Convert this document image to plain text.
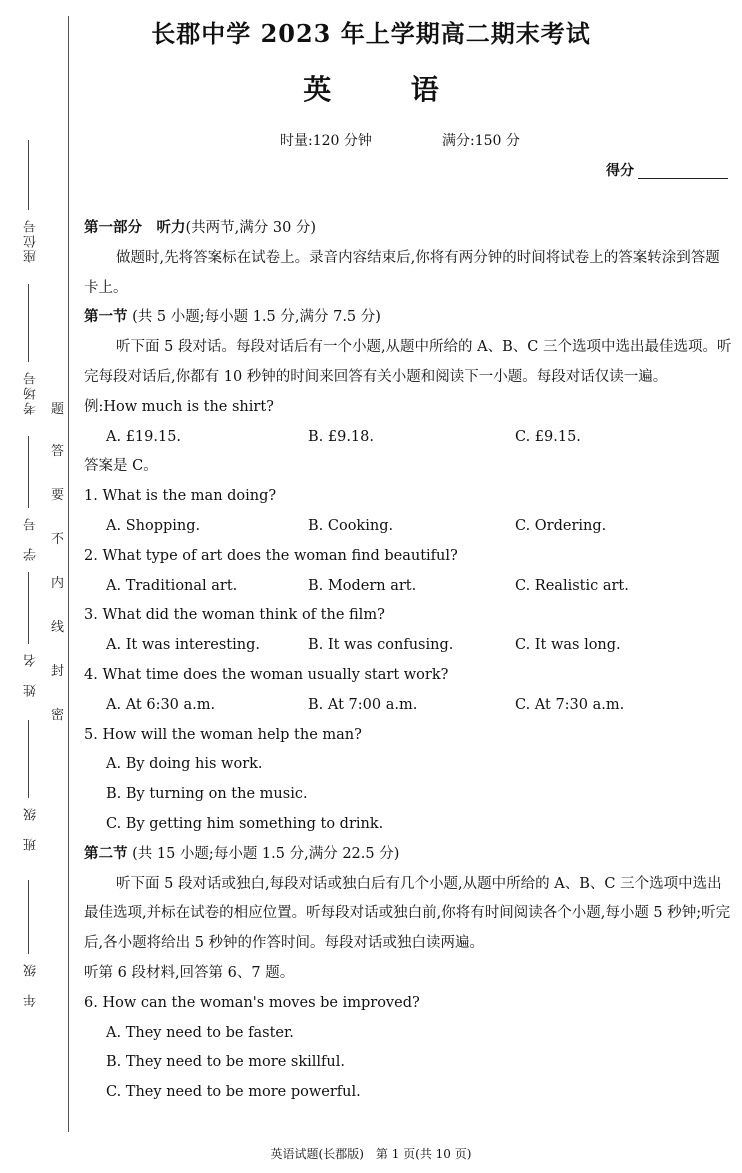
座位号
考场号
学　号
姓　名
班　级
年　级
题
答
要
不
内
线
封
密
长郡中学 2023 年上学期高二期末考试
英	语
时量:120 分钟	满分:150 分
得分
第一部分　听力(共两节,满分 30 分)
做题时,先将答案标在试卷上。录音内容结束后,你将有两分钟的时间将试卷上的答案转涂到答题卡上。
第一节 (共 5 小题;每小题 1.5 分,满分 7.5 分)
听下面 5 段对话。每段对话后有一个小题,从题中所给的 A、B、C 三个选项中选出最佳选项。听完每段对话后,你都有 10 秒钟的时间来回答有关小题和阅读下一小题。每段对话仅读一遍。
例:How much is the shirt?
A. £19.15.	B. £9.18.	C. £9.15.
答案是 C。
1. What is the man doing?
A. Shopping.	B. Cooking.	C. Ordering.
2. What type of art does the woman find beautiful?
A. Traditional art.	B. Modern art.	C. Realistic art.
3. What did the woman think of the film?
A. It was interesting.	B. It was confusing.	C. It was long.
4. What time does the woman usually start work?
A. At 6:30 a.m.	B. At 7:00 a.m.	C. At 7:30 a.m.
5. How will the woman help the man?
A. By doing his work.
B. By turning on the music.
C. By getting him something to drink.
第二节 (共 15 小题;每小题 1.5 分,满分 22.5 分)
听下面 5 段对话或独白,每段对话或独白后有几个小题,从题中所给的 A、B、C 三个选项中选出最佳选项,并标在试卷的相应位置。听每段对话或独白前,你将有时间阅读各个小题,每小题 5 秒钟;听完后,各小题将给出 5 秒钟的作答时间。每段对话或独白读两遍。
听第 6 段材料,回答第 6、7 题。
6. How can the woman's moves be improved?
A. They need to be faster.
B. They need to be more skillful.
C. They need to be more powerful.
英语试题(长郡版)　第 1 页(共 10 页)
